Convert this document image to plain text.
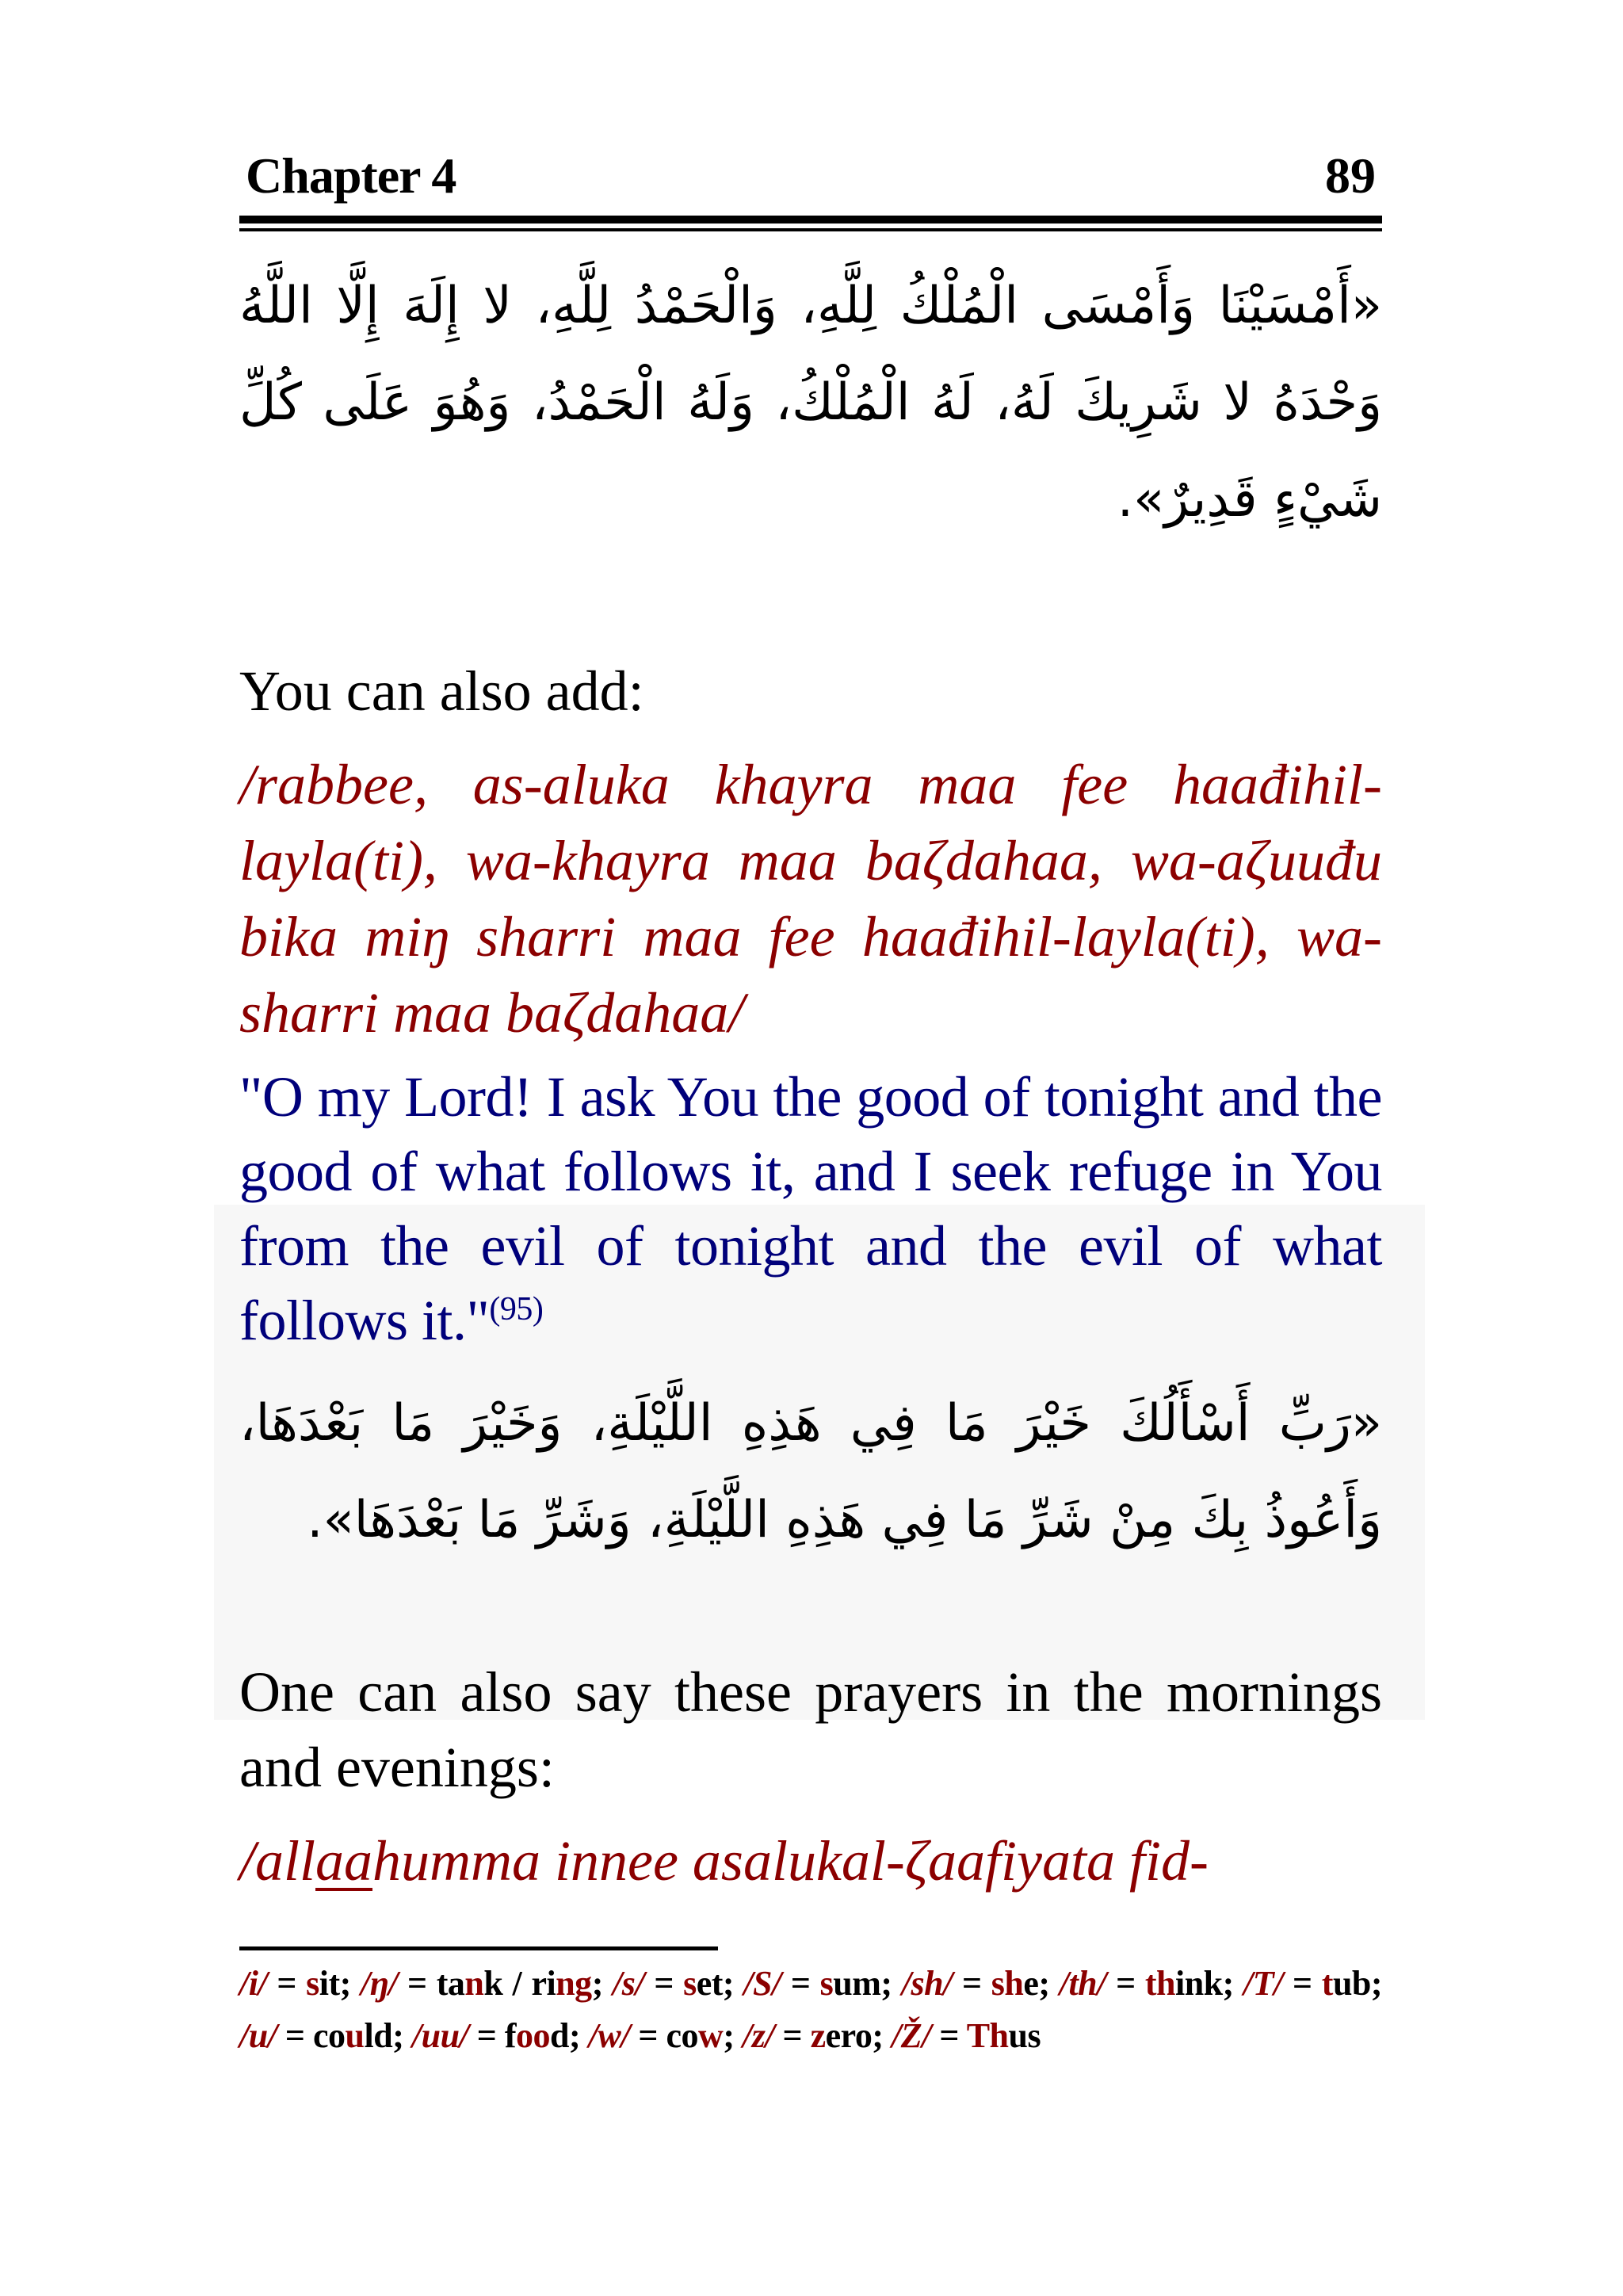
Chapter 4	89
«أَمْسَيْنَا وَأَمْسَى الْمُلْكُ لِلَّهِ، وَالْحَمْدُ لِلَّهِ، لا إِلَهَ إِلَّا اللَّهُ وَحْدَهُ لا شَرِيكَ لَهُ، لَهُ الْمُلْكُ، وَلَهُ الْحَمْدُ، وَهُوَ عَلَى كُلِّ شَيْءٍ قَدِيرٌ».
You can also add:
/rabbee, as-aluka khayra maa fee haađihil-layla(ti), wa-khayra maa baζdahaa, wa-aζuuđu bika miŋ sharri maa fee haađihil-layla(ti), wa-sharri maa baζdahaa/
"O my Lord! I ask You the good of tonight and the good of what follows it, and I seek refuge in You from the evil of tonight and the evil of what follows it."$^{(95)}$
«رَبِّ أَسْأَلُكَ خَيْرَ مَا فِي هَذِهِ اللَّيْلَةِ، وَخَيْرَ مَا بَعْدَهَا، وَأَعُوذُ بِكَ مِنْ شَرِّ مَا فِي هَذِهِ اللَّيْلَةِ، وَشَرِّ مَا بَعْدَهَا».
One can also say these prayers in the mornings and evenings:
/allaahumma innee asalukal-ζaafiyata fid-
/i/ = sit; /ŋ/ = tank / ring; /s/ = set; /S/ = sum; /sh/ = she; /th/ = think; /T/ = tub; /u/ = could; /uu/ = food; /w/ = cow; /z/ = zero; /Ž/ = Thus
